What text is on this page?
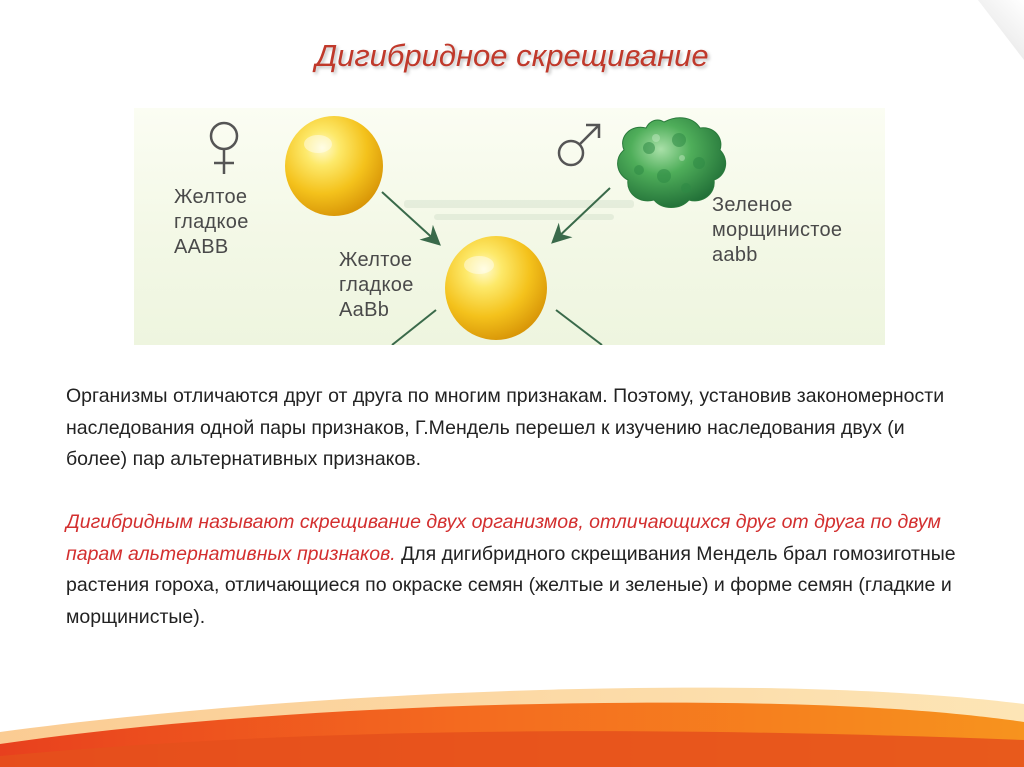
Дигибридное скрещивание
Желтое
гладкое
AABB
Желтое
гладкое
AaBb
Зеленое
морщинистое
aabb

Организмы отличаются друг от друга по многим признакам. Поэтому, установив закономерности наследования одной пары признаков, Г.Мендель перешел к изучению наследования двух (и более) пар альтернативных признаков.

Дигибридным называют скрещивание двух организмов, отличающихся друг от друга по двум парам альтернативных признаков. Для дигибридного скрещивания Мендель брал гомозиготные растения гороха, отличающиеся по окраске семян (желтые и зеленые) и форме семян (гладкие и морщинистые).
